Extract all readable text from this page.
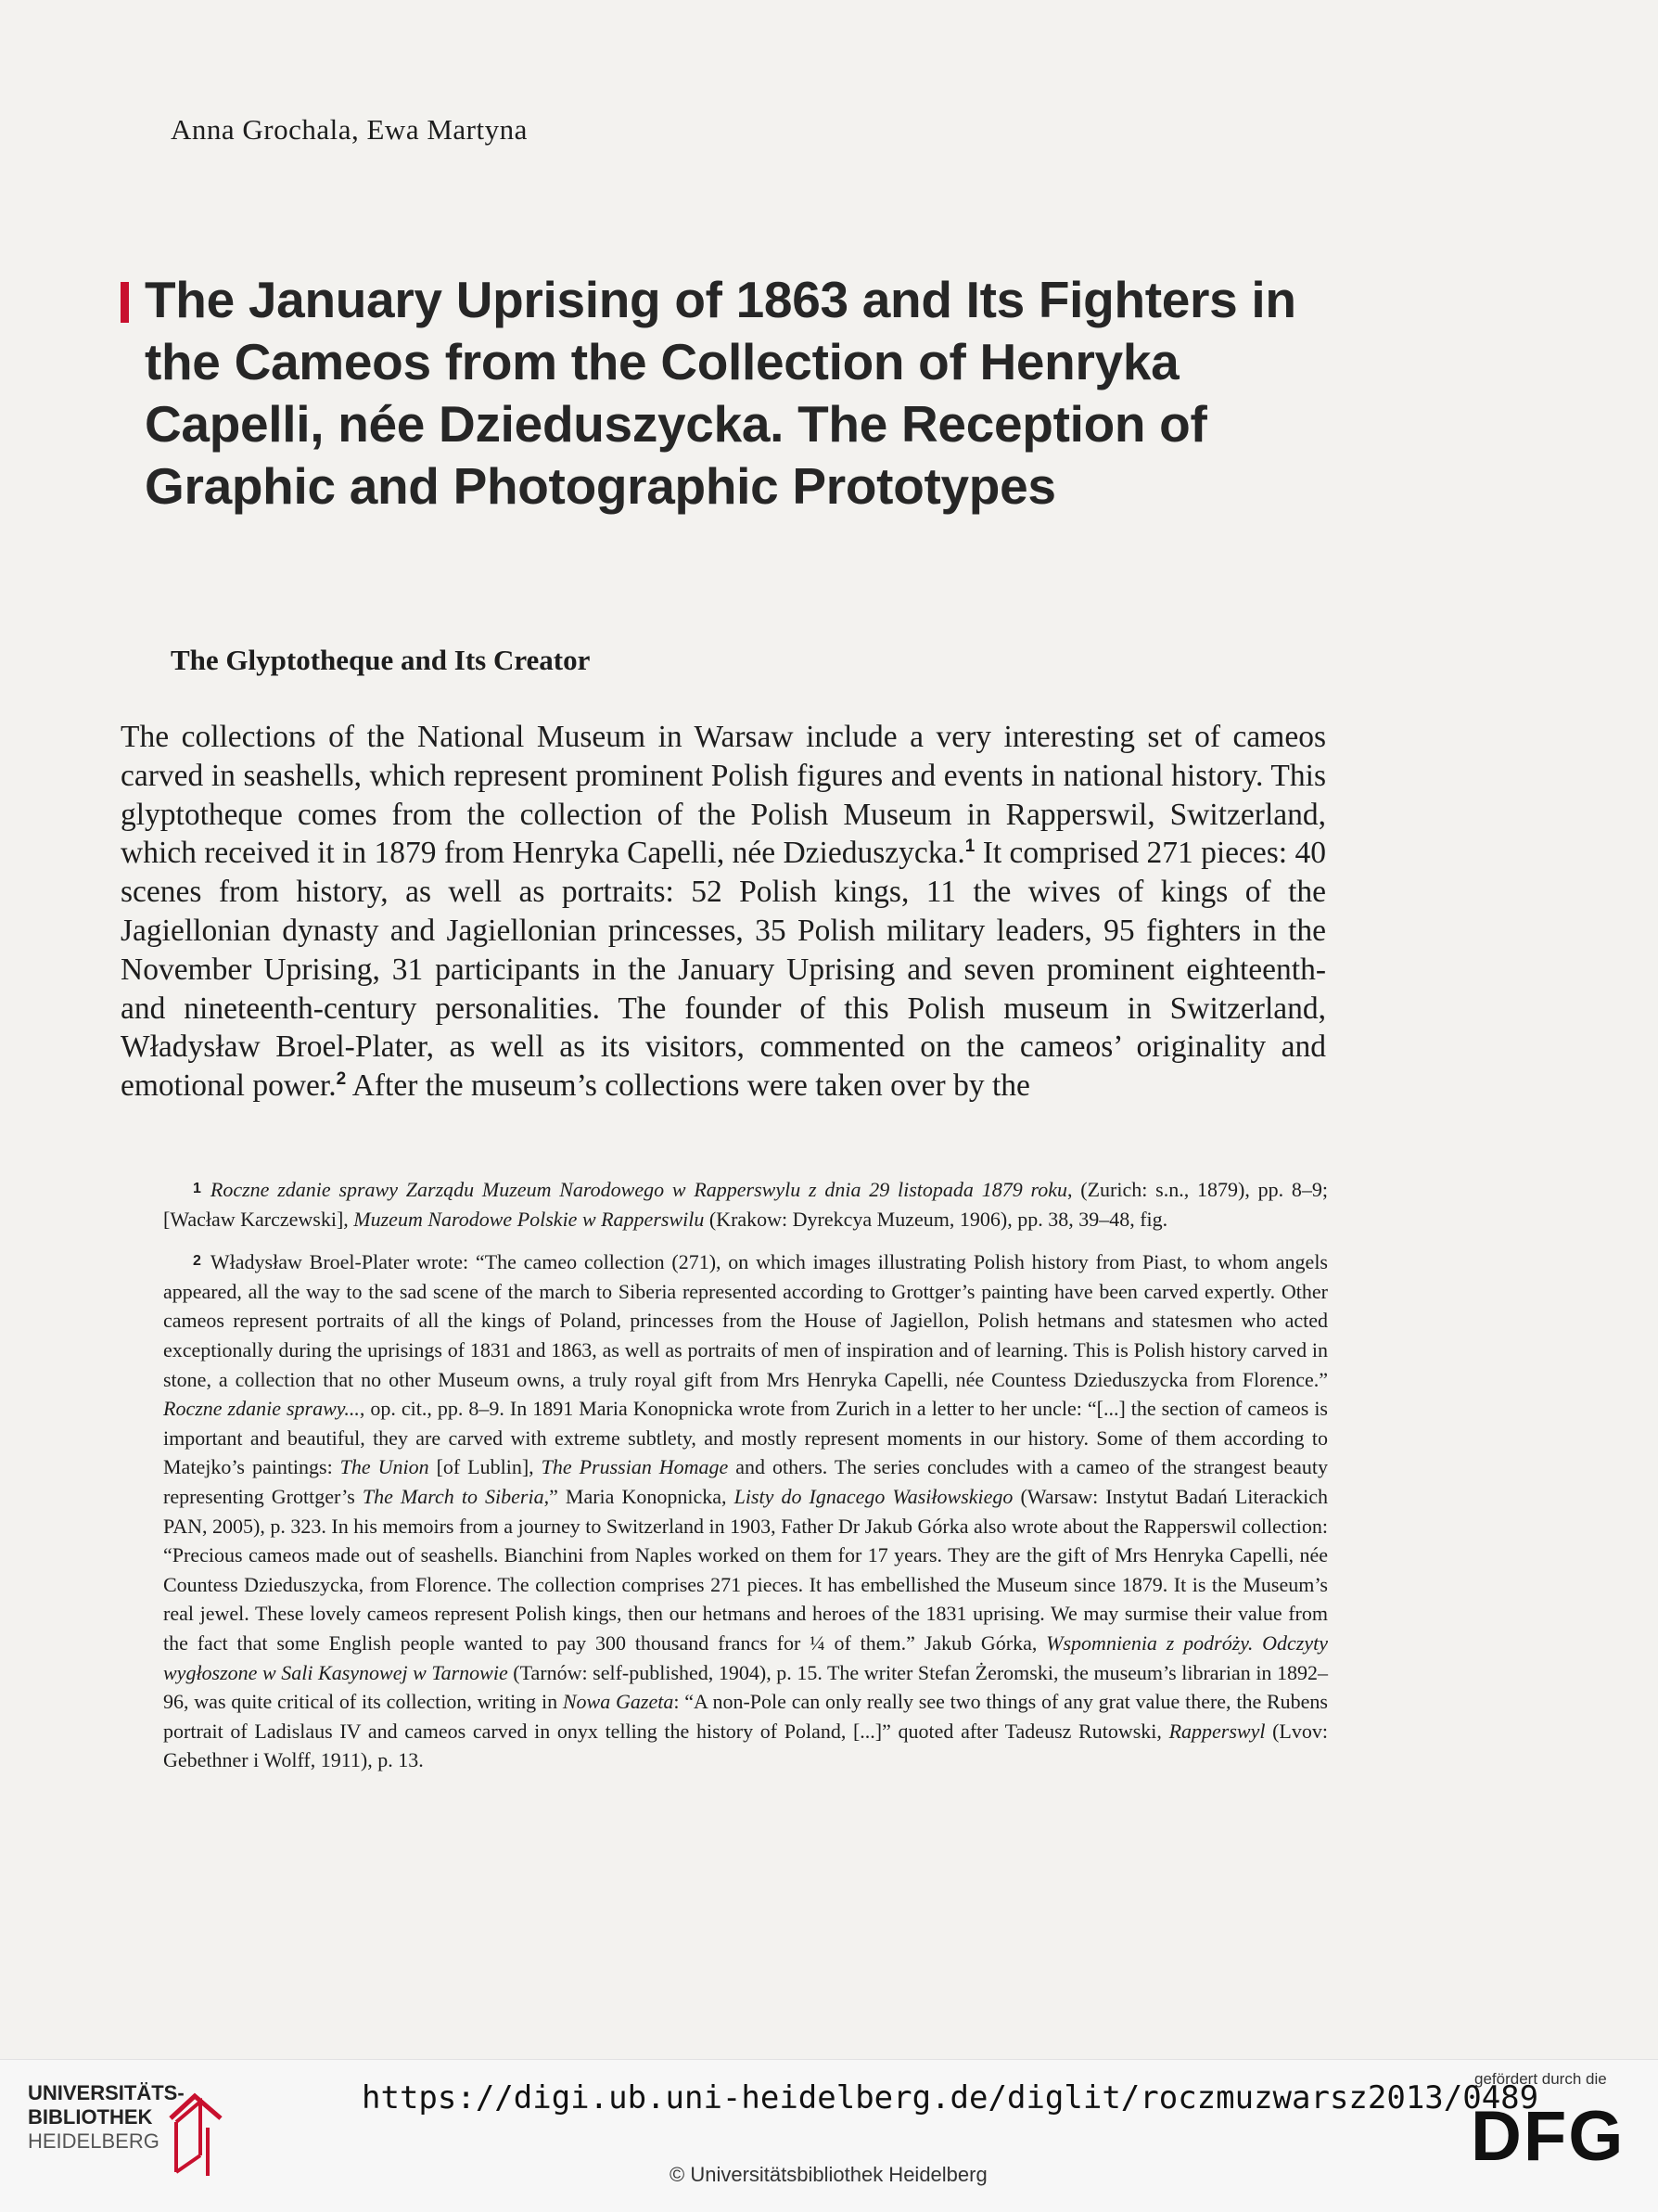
Anna Grochala, Ewa Martyna
The January Uprising of 1863 and Its Fighters in the Cameos from the Collection of Henryka Capelli, née Dzieduszycka. The Reception of Graphic and Photographic Prototypes
The Glyptotheque and Its Creator

The collections of the National Museum in Warsaw include a very interesting set of cameos carved in seashells, which represent prominent Polish figures and events in national history. This glyptotheque comes from the collection of the Polish Museum in Rapperswil, Switzerland, which received it in 1879 from Henryka Capelli, née Dzieduszycka.$^1$ It comprised 271 pieces: 40 scenes from history, as well as portraits: 52 Polish kings, 11 the wives of kings of the Jagiellonian dynasty and Jagiellonian princesses, 35 Polish military leaders, 95 fighters in the November Uprising, 31 participants in the January Uprising and seven prominent eighteenth- and nineteenth-century personalities. The founder of this Polish museum in Switzerland, Władysław Broel-Plater, as well as its visitors, commented on the cameos’ originality and emotional power.$^2$ After the museum’s collections were taken over by the

1 Roczne zdanie sprawy Zarządu Muzeum Narodowego w Rapperswylu z dnia 29 listopada 1879 roku, (Zurich: s.n., 1879), pp. 8–9; [Wacław Karczewski], Muzeum Narodowe Polskie w Rapperswilu (Krakow: Dyrekcya Muzeum, 1906), pp. 38, 39–48, fig.

2 Władysław Broel-Plater wrote: “The cameo collection (271), on which images illustrating Polish history from Piast, to whom angels appeared, all the way to the sad scene of the march to Siberia represented according to Grottger’s painting have been carved expertly. Other cameos represent portraits of all the kings of Poland, princesses from the House of Jagiellon, Polish hetmans and statesmen who acted exceptionally during the uprisings of 1831 and 1863, as well as portraits of men of inspiration and of learning. This is Polish history carved in stone, a collection that no other Museum owns, a truly royal gift from Mrs Henryka Capelli, née Countess Dzieduszycka from Florence.” Roczne zdanie sprawy..., op. cit., pp. 8–9. In 1891 Maria Konopnicka wrote from Zurich in a letter to her uncle: “[...] the section of cameos is important and beautiful, they are carved with extreme subtlety, and mostly represent moments in our history. Some of them according to Matejko’s paintings: The Union [of Lublin], The Prussian Homage and others. The series concludes with a cameo of the strangest beauty representing Grottger’s The March to Siberia,” Maria Konopnicka, Listy do Ignacego Wasiłowskiego (Warsaw: Instytut Badań Literackich PAN, 2005), p. 323. In his memoirs from a journey to Switzerland in 1903, Father Dr Jakub Górka also wrote about the Rapperswil collection: “Precious cameos made out of seashells. Bianchini from Naples worked on them for 17 years. They are the gift of Mrs Henryka Capelli, née Countess Dzieduszycka, from Florence. The collection comprises 271 pieces. It has embellished the Museum since 1879. It is the Museum’s real jewel. These lovely cameos represent Polish kings, then our hetmans and heroes of the 1831 uprising. We may surmise their value from the fact that some English people wanted to pay 300 thousand francs for ¼ of them.” Jakub Górka, Wspomnienia z podróży. Odczyty wygłoszone w Sali Kasynowej w Tarnowie (Tarnów: self-published, 1904), p. 15. The writer Stefan Żeromski, the museum’s librarian in 1892–96, was quite critical of its collection, writing in Nowa Gazeta: “A non-Pole can only really see two things of any grat value there, the Rubens portrait of Ladislaus IV and cameos carved in onyx telling the history of Poland, [...]” quoted after Tadeusz Rutowski, Rapperswyl (Lvov: Gebethner i Wolff, 1911), p. 13.

UNIVERSITÄTS-
BIBLIOTHEK
HEIDELBERG
https://digi.ub.uni-heidelberg.de/diglit/roczmuzwarsz2013/0489
© Universitätsbibliothek Heidelberg
gefördert durch die
DFG
